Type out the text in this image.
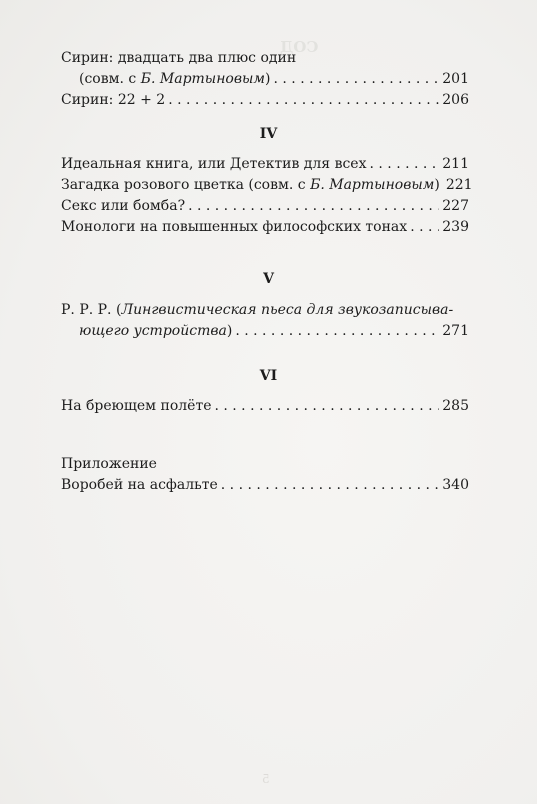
СОД
Сирин: двадцать два плюс один
(совм. с Б. Мартыновым) . . .	201
Сирин: 22 + 2 . . .	206
IV
Идеальная книга, или Детектив для всех . . .	211
Загадка розового цветка (совм. с Б. Мартыновым) 221
Секс или бомба? . . .	227
Монологи на повышенных философских тонах . . .	239
V
Р. Р. Р. (Лингвистическая пьеса для звукозаписыва-
ющего устройства) . . .	271
VI
На бреющем полёте . . .	285
Приложение
Воробей на асфальте . . .	340
5
